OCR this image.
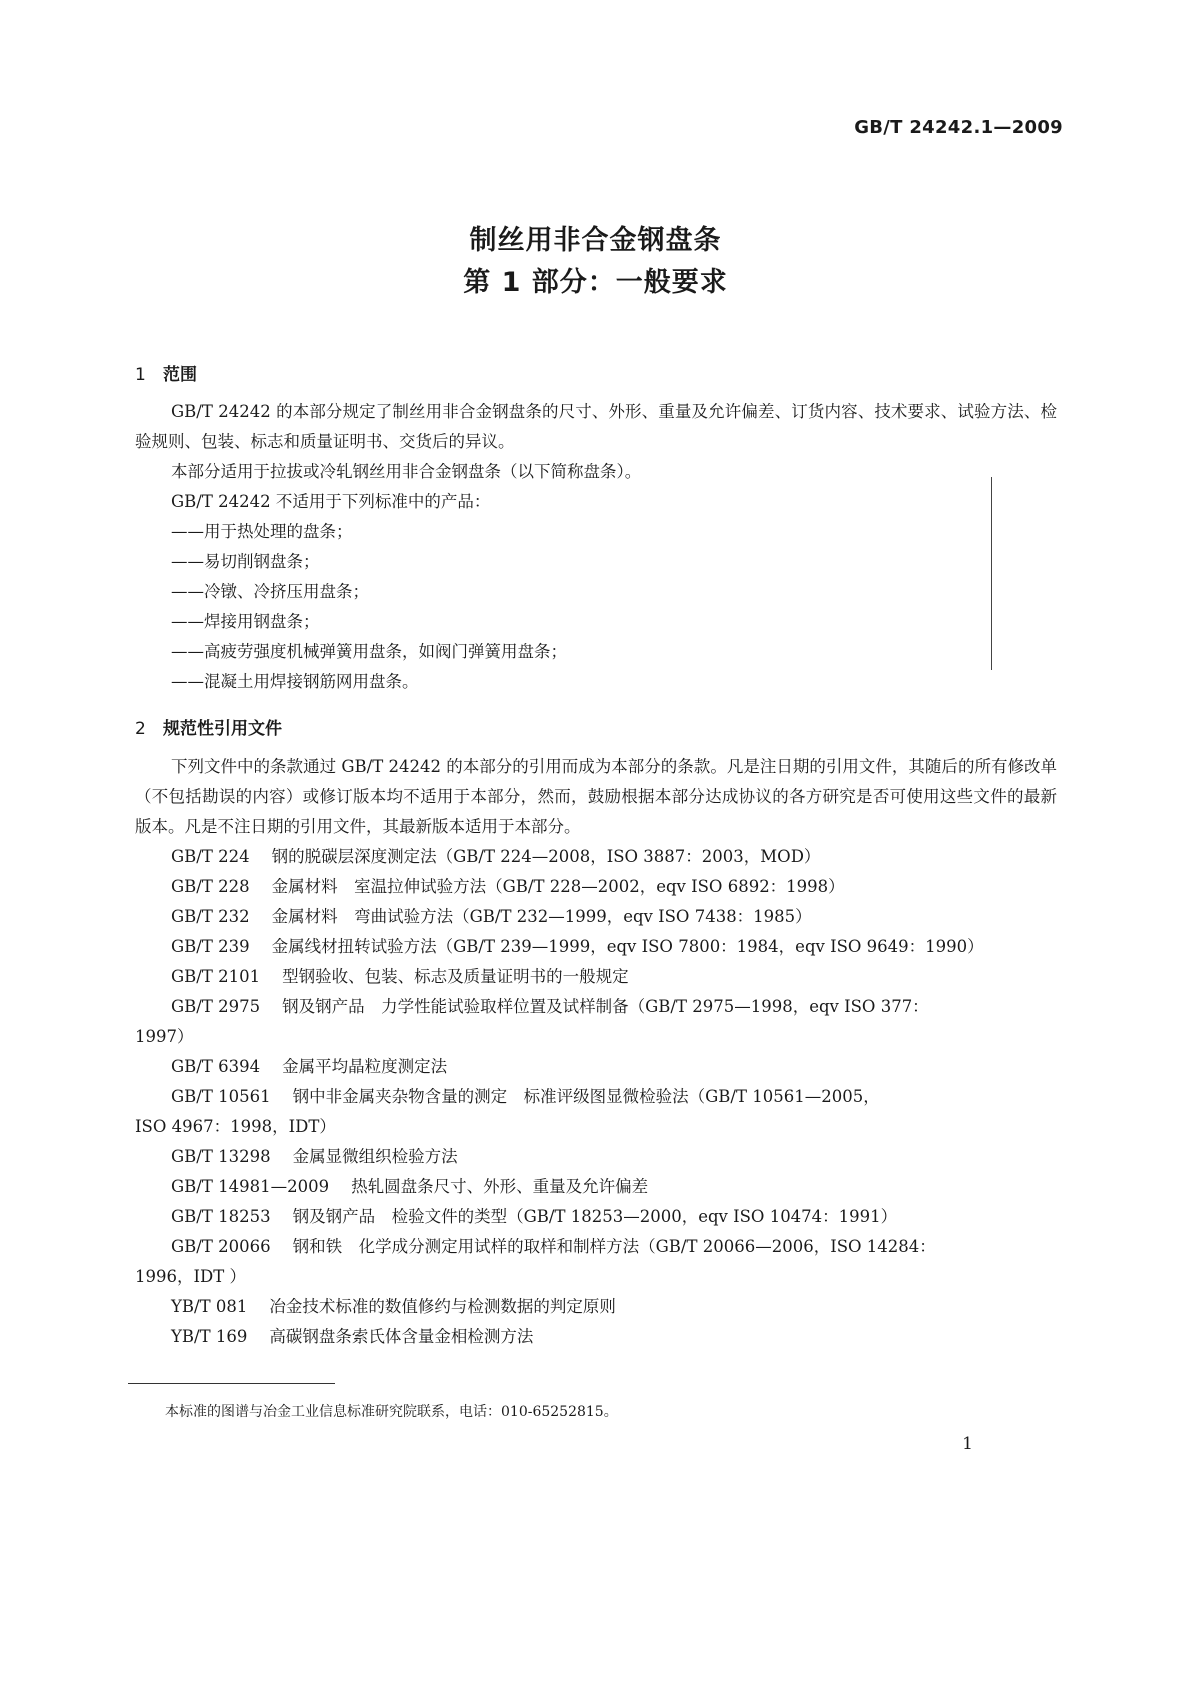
GB/T 24242.1—2009
制丝用非合金钢盘条
第 1 部分：一般要求
1 范围

GB/T 24242 的本部分规定了制丝用非合金钢盘条的尺寸、外形、重量及允许偏差、订货内容、技术要求、试验方法、检验规则、包装、标志和质量证明书、交货后的异议。

本部分适用于拉拔或冷轧钢丝用非合金钢盘条（以下简称盘条）。

GB/T 24242 不适用于下列标准中的产品：

——用于热处理的盘条；

——易切削钢盘条；

——冷镦、冷挤压用盘条；

——焊接用钢盘条；

——高疲劳强度机械弹簧用盘条，如阀门弹簧用盘条；

——混凝土用焊接钢筋网用盘条。

2 规范性引用文件

下列文件中的条款通过 GB/T 24242 的本部分的引用而成为本部分的条款。凡是注日期的引用文件，其随后的所有修改单（不包括勘误的内容）或修订版本均不适用于本部分，然而，鼓励根据本部分达成协议的各方研究是否可使用这些文件的最新版本。凡是不注日期的引用文件，其最新版本适用于本部分。

GB/T 224 钢的脱碳层深度测定法（GB/T 224—2008，ISO 3887：2003，MOD）

GB/T 228 金属材料　室温拉伸试验方法（GB/T 228—2002，eqv ISO 6892：1998）

GB/T 232 金属材料　弯曲试验方法（GB/T 232—1999，eqv ISO 7438：1985）

GB/T 239 金属线材扭转试验方法（GB/T 239—1999，eqv ISO 7800：1984，eqv ISO 9649：1990）

GB/T 2101 型钢验收、包装、标志及质量证明书的一般规定

GB/T 2975 钢及钢产品　力学性能试验取样位置及试样制备（GB/T 2975—1998，eqv ISO 377：
1997）

GB/T 6394 金属平均晶粒度测定法

GB/T 10561 钢中非金属夹杂物含量的测定　标准评级图显微检验法（GB/T 10561—2005，
ISO 4967：1998，IDT）

GB/T 13298 金属显微组织检验方法

GB/T 14981—2009 热轧圆盘条尺寸、外形、重量及允许偏差

GB/T 18253 钢及钢产品　检验文件的类型（GB/T 18253—2000，eqv ISO 10474：1991）

GB/T 20066 钢和铁　化学成分测定用试样的取样和制样方法（GB/T 20066—2006，ISO 14284：
1996，IDT ）

YB/T 081 冶金技术标准的数值修约与检测数据的判定原则

YB/T 169 高碳钢盘条索氏体含量金相检测方法

本标准的图谱与冶金工业信息标准研究院联系，电话：010-65252815。
1
